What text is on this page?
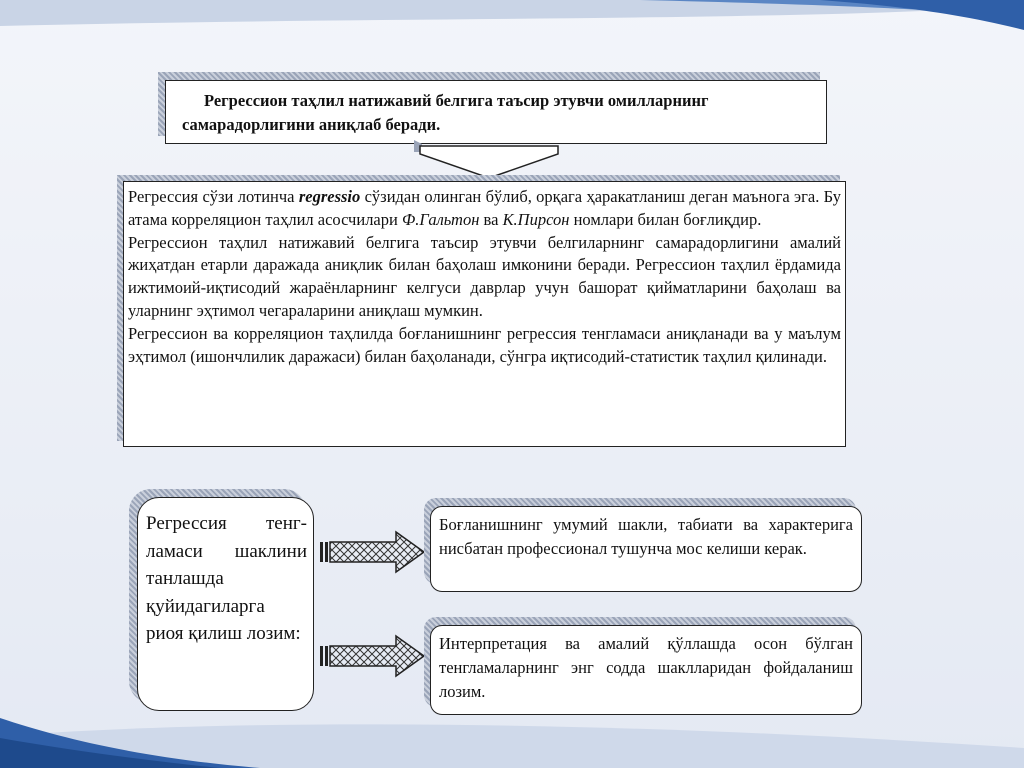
Регрессион таҳлил натижавий белгига таъсир этувчи омилларнинг самарадорлигини аниқлаб беради.

Регрессия сўзи лотинча regressio сўзидан олинган бўлиб, орқага ҳаракатланиш деган маънога эга. Бу атама корреляцион таҳлил асосчилари Ф.Гальтон ва К.Пирсон номлари билан боғлиқдир.

Регрессион таҳлил натижавий белгига таъсир этувчи белгиларнинг самарадорлигини амалий жиҳатдан етарли даражада аниқлик билан баҳолаш имконини беради. Регрессион таҳлил ёрдамида ижтимоий-иқтисодий жараёнларнинг келгуси даврлар учун башорат қийматларини баҳолаш ва уларнинг эҳтимол чегараларини аниқлаш мумкин.

Регрессион ва корреляцион таҳлилда боғланишнинг регрессия тенгламаси аниқланади ва у маълум эҳтимол (ишончлилик даражаси) билан баҳоланади, сўнгра иқтисодий-статистик таҳлил қилинади.

Регрессия тенг-ламаси шаклини танлашда қуйидагиларга риоя қилиш лозим:

Боғланишнинг умумий шакли, табиати ва характерига нисбатан профессионал тушунча мос келиши керак.

Интерпретация ва амалий қўллашда осон бўлган тенгламаларнинг энг содда шаклларидан фойдаланиш лозим.
